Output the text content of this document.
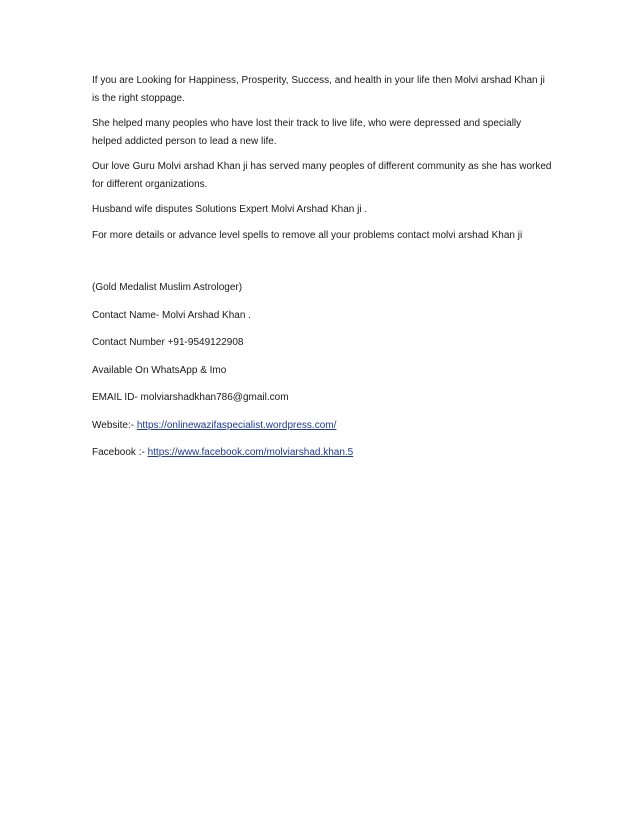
If you are Looking for Happiness, Prosperity, Success, and health in your life then Molvi arshad Khan ji is the right stoppage.

She helped many peoples who have lost their track to live life, who were depressed and specially helped addicted person to lead a new life.

Our love Guru Molvi arshad Khan ji has served many peoples of different community as she has worked for different organizations.

Husband wife disputes Solutions Expert Molvi Arshad Khan ji .

For more details or advance level spells to remove all your problems contact molvi arshad Khan ji

(Gold Medalist Muslim Astrologer)

Contact Name- Molvi Arshad Khan .

Contact Number +91-9549122908

Available On WhatsApp & Imo

EMAIL ID- molviarshadkhan786@gmail.com

Website:- https://onlinewazifaspecialist.wordpress.com/

Facebook :- https://www.facebook.com/molviarshad.khan.5
